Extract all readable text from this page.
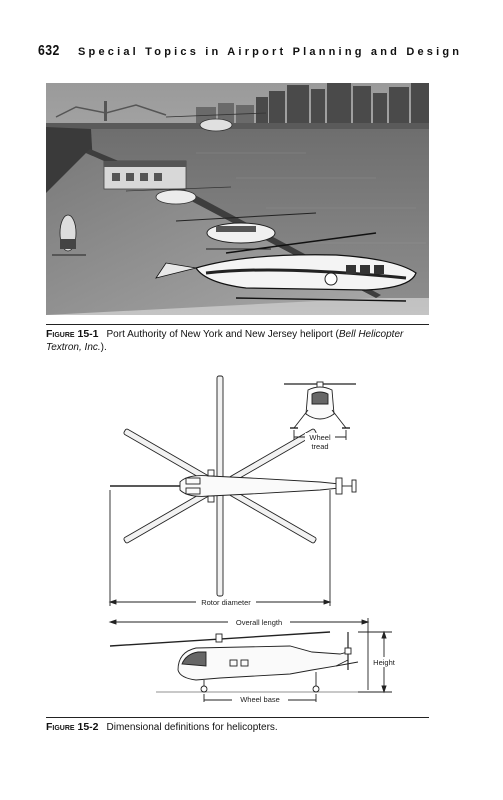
632 Special Topics in Airport Planning and Design
Figure 15-1 Port Authority of New York and New Jersey heliport (Bell Helicopter Textron, Inc.).
Wheel
tread
Rotor diameter
Overall length
Height
Wheel base
Figure 15-2 Dimensional definitions for helicopters.
